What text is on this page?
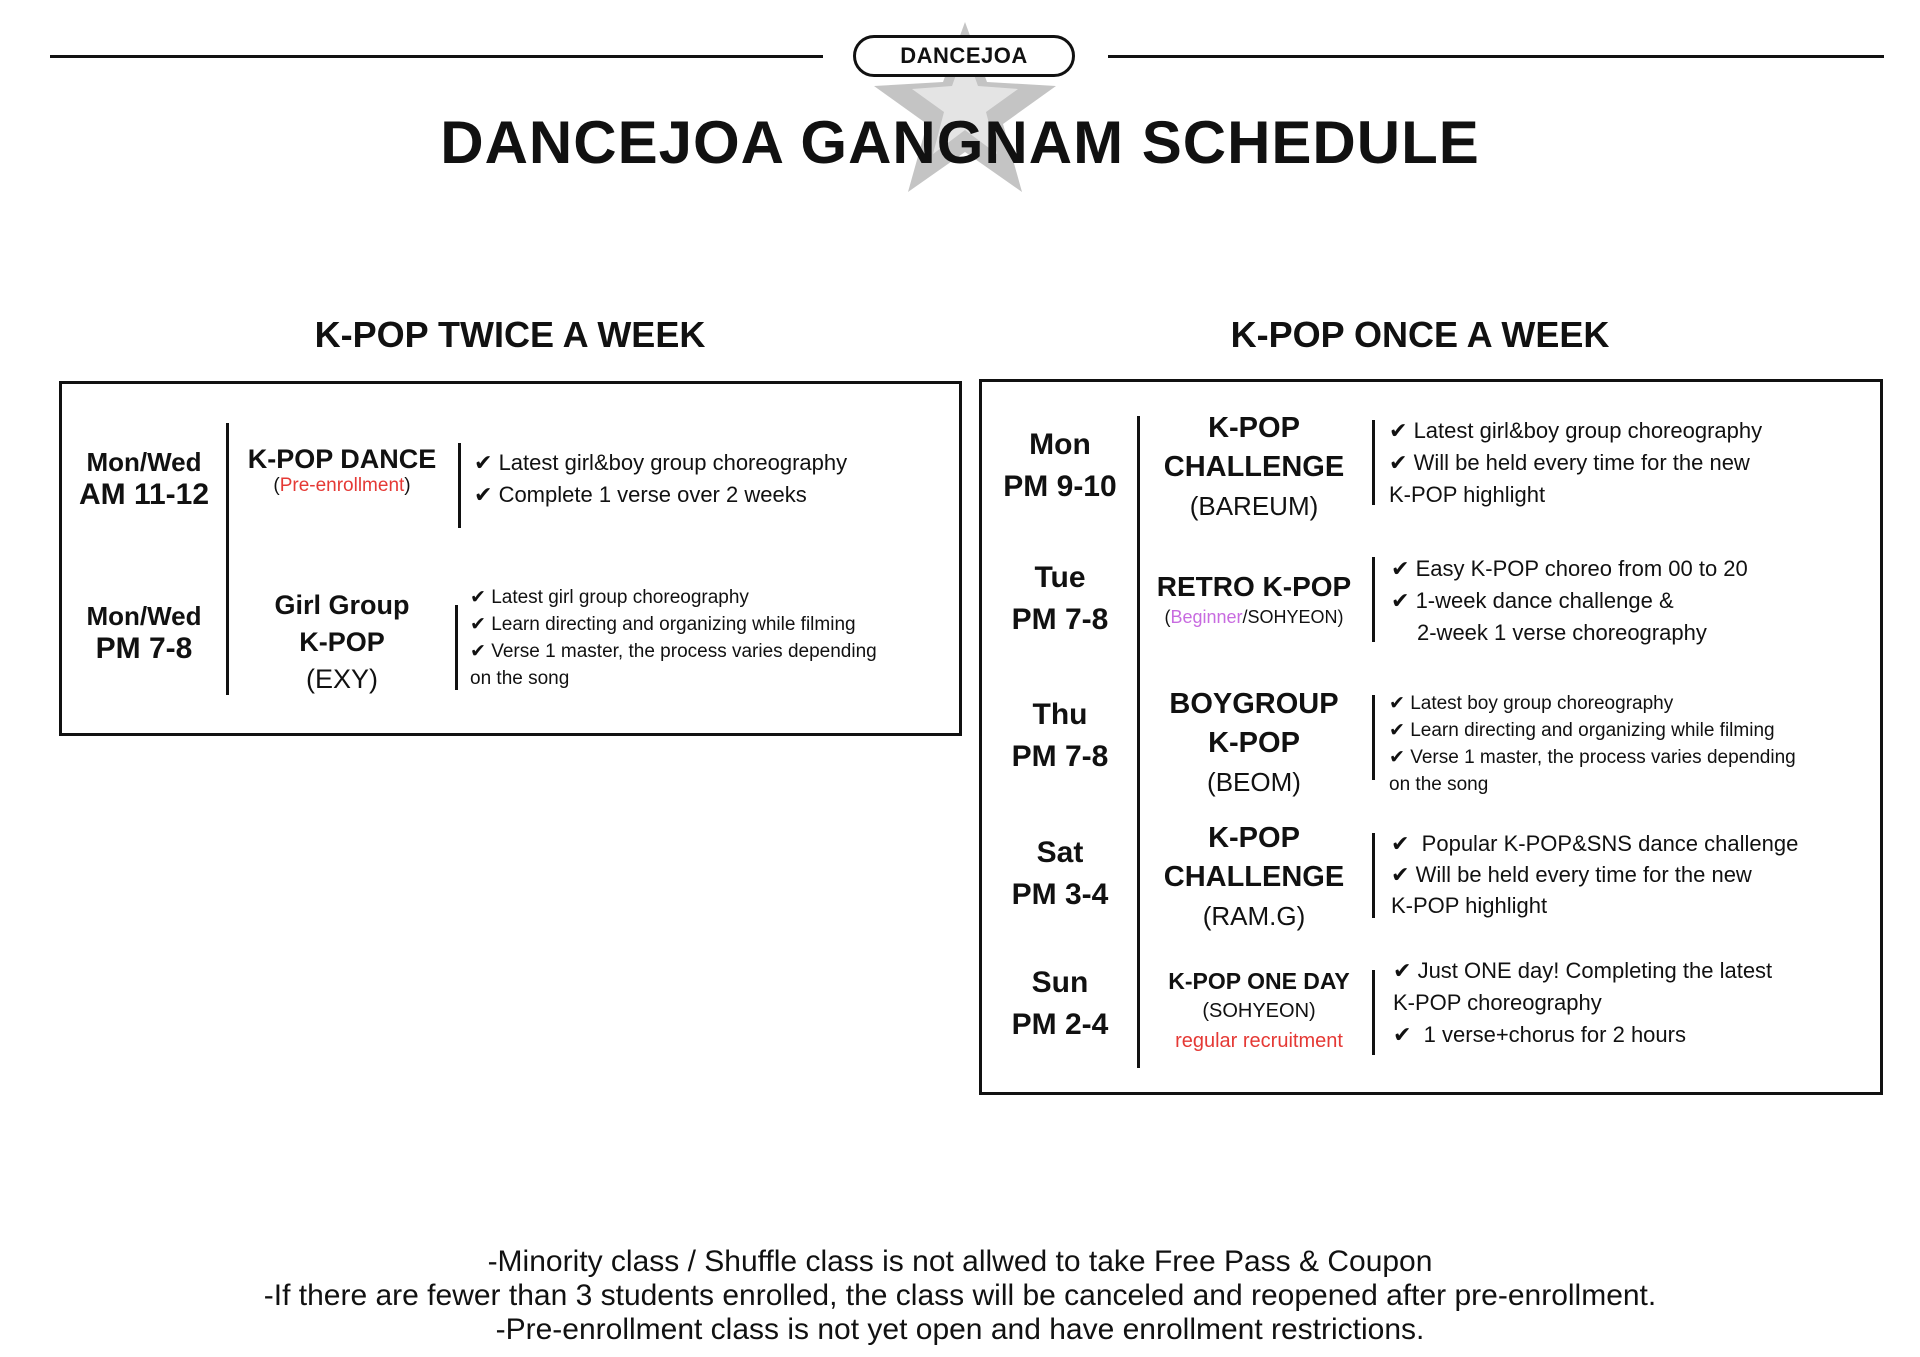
DANCEJOA
DANCEJOA GANGNAM SCHEDULE
K-POP TWICE A WEEK	K-POP ONCE A WEEK
Mon/Wed
AM 11-12
K-POP DANCE
(Pre-enrollment)
✔ Latest girl&boy group choreography
✔ Complete 1 verse over 2 weeks
Mon/Wed
PM 7-8
Girl Group
K-POP
(EXY)
✔ Latest girl group choreography
✔ Learn directing and organizing while filming
✔ Verse 1 master, the process varies depending
on the song
Mon
PM 9-10
K-POP
CHALLENGE
(BAREUM)
✔ Latest girl&boy group choreography
✔ Will be held every time for the new
K-POP highlight
Tue
PM 7-8
RETRO K-POP
(Beginner/SOHYEON)
✔ Easy K-POP choreo from 00 to 20
✔ 1-week dance challenge &
2-week 1 verse choreography
Thu
PM 7-8
BOYGROUP
K-POP
(BEOM)
✔ Latest boy group choreography
✔ Learn directing and organizing while filming
✔ Verse 1 master, the process varies depending
on the song
Sat
PM 3-4
K-POP
CHALLENGE
(RAM.G)
✔ Popular K-POP&SNS dance challenge
✔ Will be held every time for the new
K-POP highlight
Sun
PM 2-4
K-POP ONE DAY
(SOHYEON)
regular recruitment
✔ Just ONE day! Completing the latest
K-POP choreography
✔ 1 verse+chorus for 2 hours
-Minority class / Shuffle class is not allwed to take Free Pass & Coupon
-If there are fewer than 3 students enrolled, the class will be canceled and reopened after pre-enrollment.
-Pre-enrollment class is not yet open and have enrollment restrictions.
